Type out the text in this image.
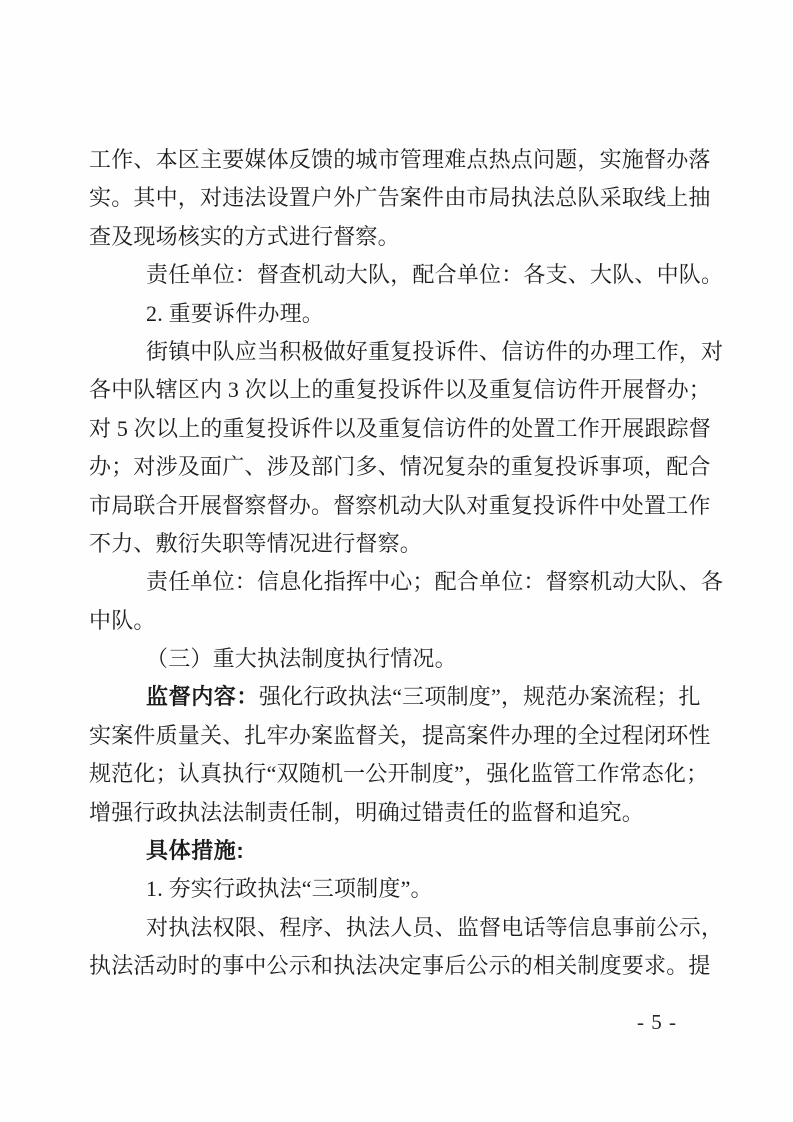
工作、本区主要媒体反馈的城市管理难点热点问题，实施督办落
实。其中，对违法设置户外广告案件由市局执法总队采取线上抽
查及现场核实的方式进行督察。
责任单位：督查机动大队，配合单位：各支、大队、中队。
2. 重要诉件办理。
街镇中队应当积极做好重复投诉件、信访件的办理工作，对
各中队辖区内 3 次以上的重复投诉件以及重复信访件开展督办；
对 5 次以上的重复投诉件以及重复信访件的处置工作开展跟踪督
办；对涉及面广、涉及部门多、情况复杂的重复投诉事项，配合
市局联合开展督察督办。督察机动大队对重复投诉件中处置工作
不力、敷衍失职等情况进行督察。
责任单位：信息化指挥中心；配合单位：督察机动大队、各
中队。
（三）重大执法制度执行情况。
监督内容：强化行政执法“三项制度”，规范办案流程；扎
实案件质量关、扎牢办案监督关，提高案件办理的全过程闭环性
规范化；认真执行“双随机一公开制度”，强化监管工作常态化；
增强行政执法法制责任制，明确过错责任的监督和追究。
具体措施:
1. 夯实行政执法“三项制度”。
对执法权限、程序、执法人员、监督电话等信息事前公示，
执法活动时的事中公示和执法决定事后公示的相关制度要求。提
- 5 -
